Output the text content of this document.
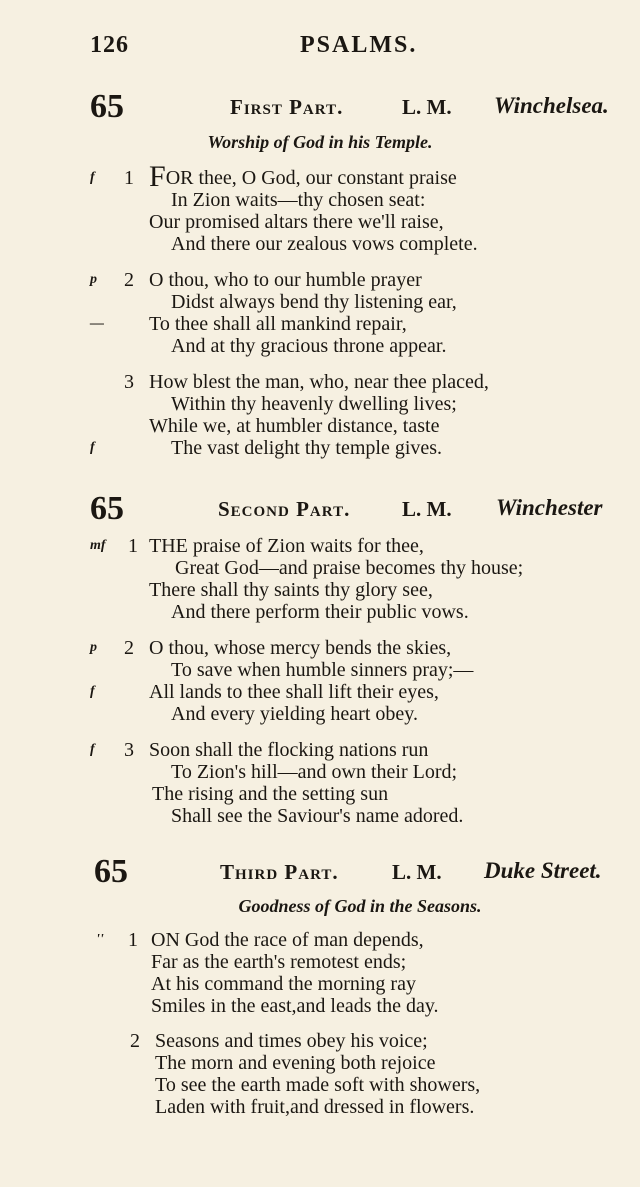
126	PSALMS.
65	First Part.	L. M. Winchelsea.
Worship of God in his Temple.
f	1 FOR thee, O God, our constant praise
In Zion waits—thy chosen seat:
Our promised altars there we'll raise,
And there our zealous vows complete.
p	2 O thou, who to our humble prayer
Didst always bend thy listening ear,
—	To thee shall all mankind repair,
And at thy gracious throne appear.
3 How blest the man, who, near thee placed,
Within thy heavenly dwelling lives;
While we, at humbler distance, taste
f	The vast delight thy temple gives.
65	Second Part. L. M. Winchester
mf	1 THE praise of Zion waits for thee,
Great God—and praise becomes thy house;
There shall thy saints thy glory see,
And there perform their public vows.
p	2 O thou, whose mercy bends the skies,
To save when humble sinners pray;—
f	All lands to thee shall lift their eyes,
And every yielding heart obey.
f	3 Soon shall the flocking nations run
To Zion's hill—and own their Lord;
The rising and the setting sun
Shall see the Saviour's name adored.
65	Third Part.	L. M. Duke Street.
Goodness of God in the Seasons.
''	1 ON God the race of man depends,
Far as the earth's remotest ends;
At his command the morning ray
Smiles in the east,and leads the day.
2 Seasons and times obey his voice;
The morn and evening both rejoice
To see the earth made soft with showers,
Laden with fruit,and dressed in flowers.
